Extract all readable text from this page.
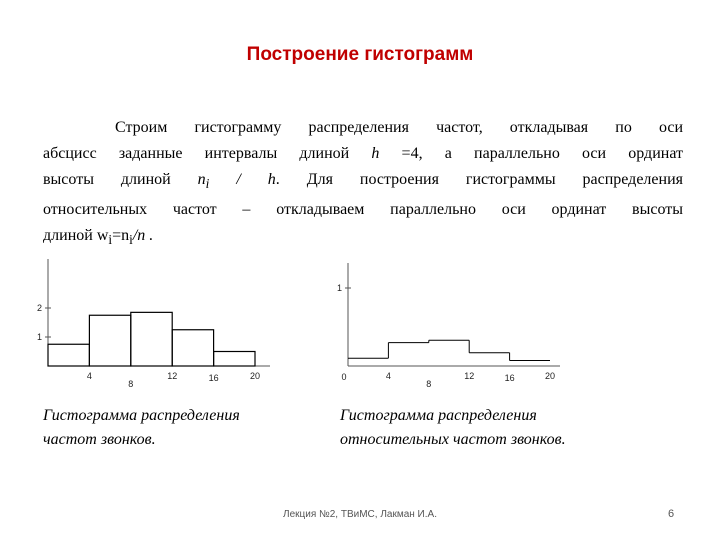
Построение гистограмм
Строим гистограмму распределения частот, откладывая по оси
абсцисс заданные интервалы длиной h =4, а параллельно оси ординат
высоты длиной $n_i$ / h. Для построения гистограммы распределения
относительных частот – откладываем параллельно оси ординат высоты
длиной $w_i=n_i/n$ .
4
8
12	16	20
1
2
0	4
8
12	16	20
1
Гистограмма распределения
частот звонков.
Гистограмма распределения
относительных частот звонков.
Лекция №2, ТВиМС, Лакман И.А.	6
